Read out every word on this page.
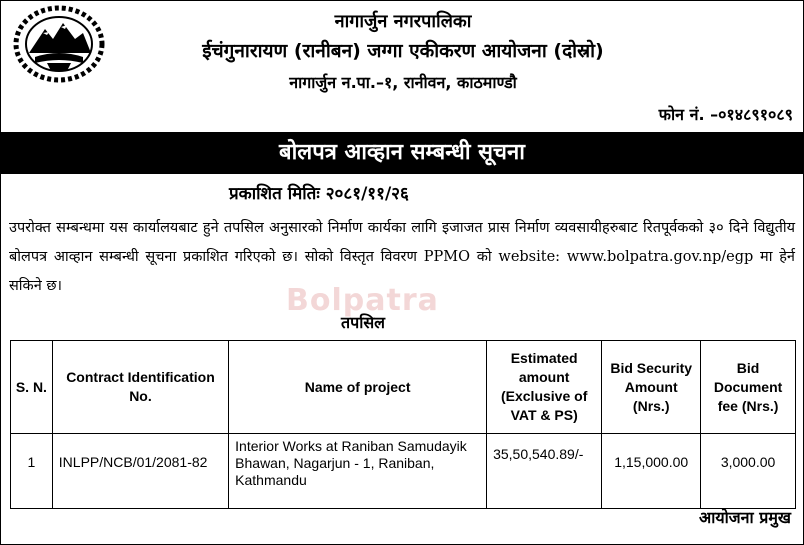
नागार्जुन नगरपालिका
ईचंगुनारायण (रानीबन) जग्गा एकीकरण आयोजना (दोस्रो)
नागार्जुन न.पा.–१, रानीवन, काठमाण्डौ
फोन नं. –०१४८९१०८९
बोलपत्र आव्हान सम्बन्धी सूचना
प्रकाशित मितिः २०८१/११/२६
Bolpatra
उपरोक्त सम्बन्धमा यस कार्यालयबाट हुने तपसिल अनुसारको निर्माण कार्यका लागि इजाजत प्रास निर्माण व्यवसायीहरुबाट रितपूर्वकको ३० दिने विद्युतीय बोलपत्र आव्हान सम्बन्धी सूचना प्रकाशित गरिएको छ। सोको विस्तृत विवरण PPMO को website: www.bolpatra.gov.np/egp मा हेर्न सकिने छ।
तपसिल
S. N.	Contract Identification No.	Name of project	Estimated amount (Exclusive of VAT & PS)	Bid Security Amount (Nrs.)	Bid Document fee (Nrs.)
1	INLPP/NCB/01/2081-82	Interior Works at Raniban Samudayik Bhawan, Nagarjun - 1, Raniban, Kathmandu	35,50,540.89/-	1,15,000.00	3,000.00
आयोजना प्रमुख
